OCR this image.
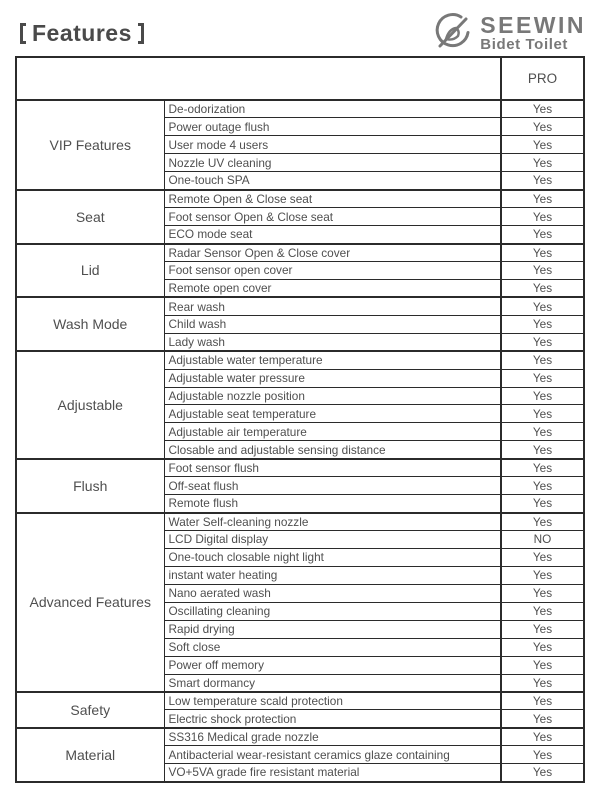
Features	SEEWIN
Bidet Toilet
		PRO
VIP Features	De-odorization	Yes
	Power outage flush	Yes
	User mode 4 users	Yes
	Nozzle UV cleaning	Yes
	One-touch SPA	Yes
Seat	Remote Open & Close seat	Yes
	Foot sensor Open & Close seat	Yes
	ECO mode seat	Yes
Lid	Radar Sensor Open & Close cover	Yes
	Foot sensor open cover	Yes
	Remote open cover	Yes
Wash Mode	Rear wash	Yes
	Child wash	Yes
	Lady wash	Yes
Adjustable	Adjustable water temperature	Yes
	Adjustable water pressure	Yes
	Adjustable nozzle position	Yes
	Adjustable seat temperature	Yes
	Adjustable air temperature	Yes
	Closable and adjustable sensing distance	Yes
Flush	Foot sensor flush	Yes
	Off-seat flush	Yes
	Remote flush	Yes
Advanced Features	Water Self-cleaning nozzle	Yes
	LCD Digital display	NO
	One-touch closable night light	Yes
	instant water heating	Yes
	Nano aerated wash	Yes
	Oscillating cleaning	Yes
	Rapid drying	Yes
	Soft close	Yes
	Power off memory	Yes
	Smart dormancy	Yes
Safety	Low temperature scald protection	Yes
	Electric shock protection	Yes
Material	SS316 Medical grade nozzle	Yes
	Antibacterial wear-resistant ceramics glaze containing	Yes
	VO+5VA grade fire resistant material	Yes
